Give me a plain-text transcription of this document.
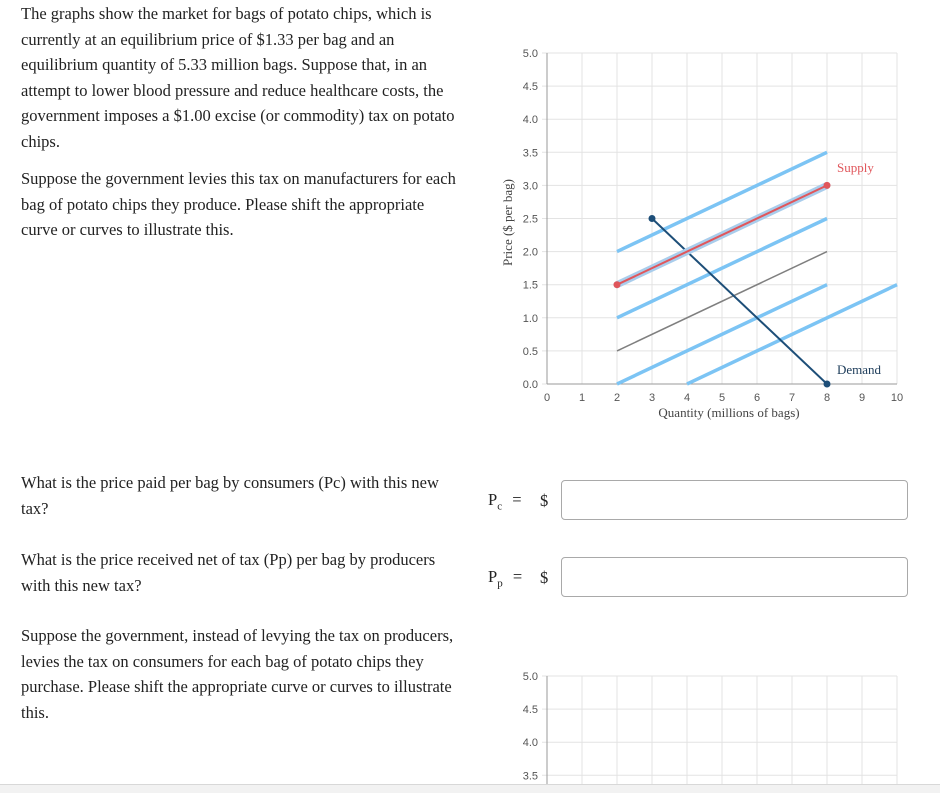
The graphs show the market for bags of potato chips, which is currently at an equilibrium price of $1.33 per bag and an equilibrium quantity of 5.33 million bags. Suppose that, in an attempt to lower blood pressure and reduce healthcare costs, the government imposes a $1.00 excise (or commodity) tax on potato chips.

Suppose the government levies this tax on manufacturers for each bag of potato chips they produce. Please shift the appropriate curve or curves to illustrate this.

What is the price paid per bag by consumers (Pc) with this new tax?

What is the price received net of tax (Pp) per bag by producers with this new tax?

Suppose the government, instead of levying the tax on producers, levies the tax on consumers for each bag of potato chips they purchase. Please shift the appropriate curve or curves to illustrate this.

0.0
0.5
1.0
1.5
2.0
2.5
3.0
3.5
4.0
4.5
5.0
0	1	2	3	4	5	6	7	8	9 10
Quantity (millions of bags)
Price ($ per bag)
Demand
Supply
$P_c$ = $
$P_p$ = $
5.0
4.5
4.0
3.5
